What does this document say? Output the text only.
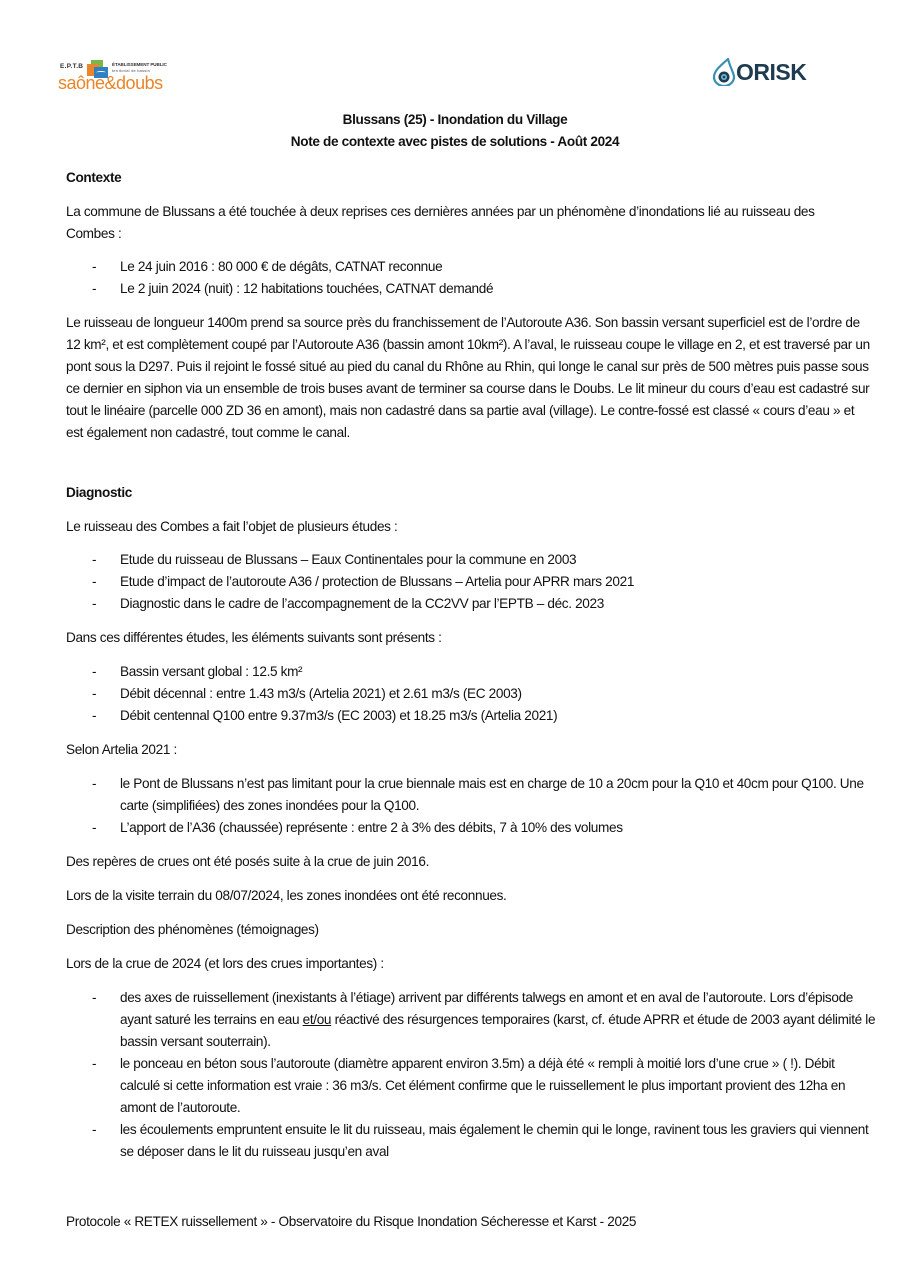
E.P.T.B	ÉTABLISSEMENT PUBLIC
territorial de bassin
saône&doubs	ORISK
Blussans (25) - Inondation du Village
Note de contexte avec pistes de solutions - Août 2024
Contexte
La commune de Blussans a été touchée à deux reprises ces dernières années par un phénomène d’inondations lié au ruisseau des Combes :
- Le 24 juin 2016 : 80 000 € de dégâts, CATNAT reconnue
- Le 2 juin 2024 (nuit) : 12 habitations touchées, CATNAT demandé
Le ruisseau de longueur 1400m prend sa source près du franchissement de l’Autoroute A36. Son bassin versant superficiel est de l’ordre de 12 km², et est complètement coupé par l’Autoroute A36 (bassin amont 10km²). A l’aval, le ruisseau coupe le village en 2, et est traversé par un pont sous la D297. Puis il rejoint le fossé situé au pied du canal du Rhône au Rhin, qui longe le canal sur près de 500 mètres puis passe sous ce dernier en siphon via un ensemble de trois buses avant de terminer sa course dans le Doubs. Le lit mineur du cours d’eau est cadastré sur tout le linéaire (parcelle 000 ZD 36 en amont), mais non cadastré dans sa partie aval (village). Le contre-fossé est classé « cours d’eau » et est également non cadastré, tout comme le canal.
Diagnostic
Le ruisseau des Combes a fait l’objet de plusieurs études :
- Etude du ruisseau de Blussans – Eaux Continentales pour la commune en 2003
- Etude d’impact de l’autoroute A36 / protection de Blussans – Artelia pour APRR mars 2021
- Diagnostic dans le cadre de l’accompagnement de la CC2VV par l’EPTB – déc. 2023
Dans ces différentes études, les éléments suivants sont présents :
- Bassin versant global : 12.5 km²
- Débit décennal : entre 1.43 m3/s (Artelia 2021) et 2.61 m3/s (EC 2003)
- Débit centennal Q100 entre 9.37m3/s (EC 2003) et 18.25 m3/s (Artelia 2021)
Selon Artelia 2021 :
- le Pont de Blussans n’est pas limitant pour la crue biennale mais est en charge de 10 a 20cm pour la Q10 et 40cm pour Q100. Une carte (simplifiées) des zones inondées pour la Q100.
- L’apport de l’A36 (chaussée) représente : entre 2 à 3% des débits, 7 à 10% des volumes
Des repères de crues ont été posés suite à la crue de juin 2016.
Lors de la visite terrain du 08/07/2024, les zones inondées ont été reconnues.
Description des phénomènes (témoignages)
Lors de la crue de 2024 (et lors des crues importantes) :
- des axes de ruissellement (inexistants à l’étiage) arrivent par différents talwegs en amont et en aval de l’autoroute. Lors d’épisode ayant saturé les terrains en eau et/ou réactivé des résurgences temporaires (karst, cf. étude APRR et étude de 2003 ayant délimité le bassin versant souterrain).
- le ponceau en béton sous l’autoroute (diamètre apparent environ 3.5m) a déjà été « rempli à moitié lors d’une crue » ( !). Débit calculé si cette information est vraie : 36 m3/s. Cet élément confirme que le ruissellement le plus important provient des 12ha en amont de l’autoroute.
- les écoulements empruntent ensuite le lit du ruisseau, mais également le chemin qui le longe, ravinent tous les graviers qui viennent se déposer dans le lit du ruisseau jusqu’en aval
Protocole « RETEX ruissellement » - Observatoire du Risque Inondation Sécheresse et Karst - 2025
